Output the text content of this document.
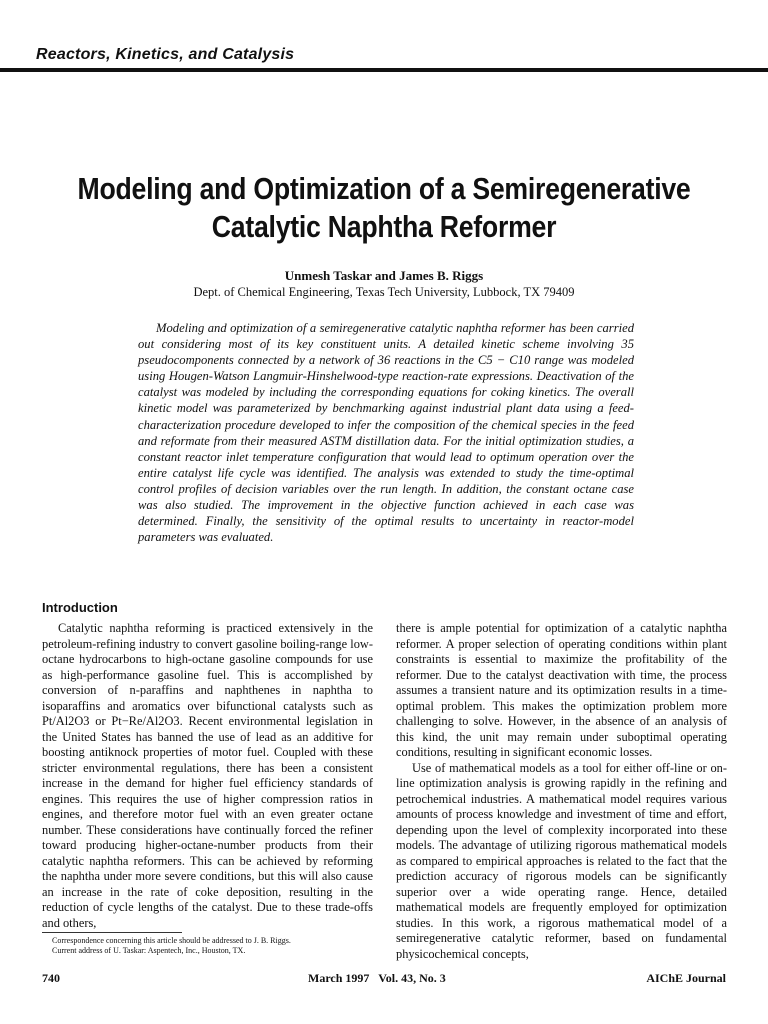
Reactors, Kinetics, and Catalysis
Modeling and Optimization of a Semiregenerative
Catalytic Naphtha Reformer
Unmesh Taskar and James B. Riggs
Dept. of Chemical Engineering, Texas Tech University, Lubbock, TX 79409

Modeling and optimization of a semiregenerative catalytic naphtha reformer has been carried out considering most of its key constituent units. A detailed kinetic scheme involving 35 pseudocomponents connected by a network of 36 reactions in the C5 − C10 range was modeled using Hougen-Watson Langmuir-Hinshelwood-type reaction-rate expressions. Deactivation of the catalyst was modeled by including the corresponding equations for coking kinetics. The overall kinetic model was parameterized by benchmarking against industrial plant data using a feed-characterization procedure developed to infer the composition of the chemical species in the feed and reformate from their measured ASTM distillation data. For the initial optimization studies, a constant reactor inlet temperature configuration that would lead to optimum operation over the entire catalyst life cycle was identified. The analysis was extended to study the time-optimal control profiles of decision variables over the run length. In addition, the constant octane case was also studied. The improvement in the objective function achieved in each case was determined. Finally, the sensitivity of the optimal results to uncertainty in reactor-model parameters was evaluated.

Introduction

Catalytic naphtha reforming is practiced extensively in the petroleum-refining industry to convert gasoline boiling-range low-octane hydrocarbons to high-octane gasoline compounds for use as high-performance gasoline fuel. This is accomplished by conversion of n-paraffins and naphthenes in naphtha to isoparaffins and aromatics over bifunctional catalysts such as Pt/Al2O3 or Pt−Re/Al2O3. Recent environmental legislation in the United States has banned the use of lead as an additive for boosting antiknock properties of motor fuel. Coupled with these stricter environmental regulations, there has been a consistent increase in the demand for higher fuel efficiency standards of engines. This requires the use of higher compression ratios in engines, and therefore motor fuel with an even greater octane number. These considerations have continually forced the refiner toward producing higher-octane-number products from their catalytic naphtha reformers. This can be achieved by reforming the naphtha under more severe conditions, but this will also cause an increase in the rate of coke deposition, resulting in the reduction of cycle lengths of the catalyst. Due to these trade-offs and others,

there is ample potential for optimization of a catalytic naphtha reformer. A proper selection of operating conditions within plant constraints is essential to maximize the profitability of the reformer. Due to the catalyst deactivation with time, the process assumes a transient nature and its optimization results in a time-optimal problem. This makes the optimization problem more challenging to solve. However, in the absence of an analysis of this kind, the unit may remain under suboptimal operating conditions, resulting in significant economic losses.

Use of mathematical models as a tool for either off-line or on-line optimization analysis is growing rapidly in the refining and petrochemical industries. A mathematical model requires various amounts of process knowledge and investment of time and effort, depending upon the level of complexity incorporated into these models. The advantage of utilizing rigorous mathematical models as compared to empirical approaches is related to the fact that the prediction accuracy of rigorous models can be significantly superior over a wide operating range. Hence, detailed mathematical models are frequently employed for optimization studies. In this work, a rigorous mathematical model of a semiregenerative catalytic reformer, based on fundamental physicochemical concepts,

Correspondence concerning this article should be addressed to J. B. Riggs.
Current address of U. Taskar: Aspentech, Inc., Houston, TX.
740	March 1997 Vol. 43, No. 3	AIChE Journal
